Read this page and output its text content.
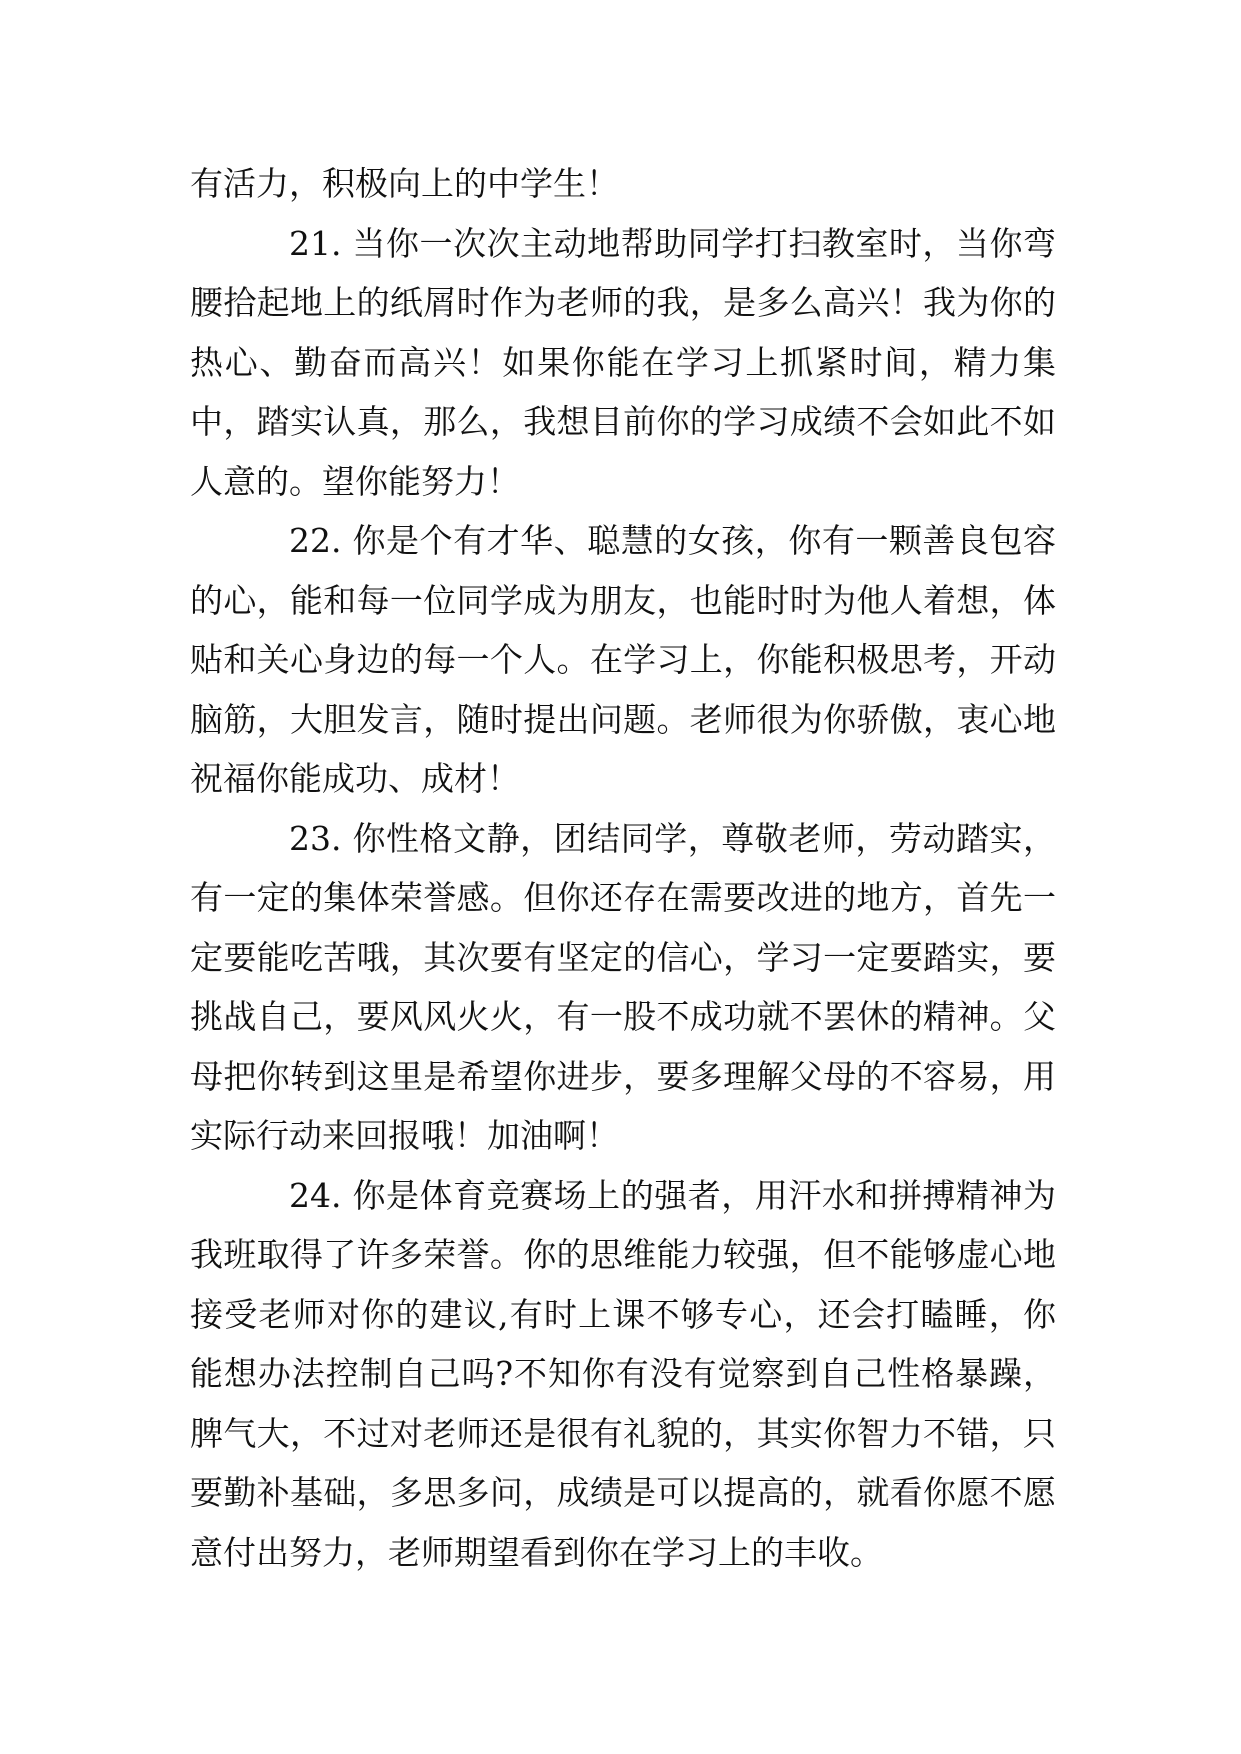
有活力，积极向上的中学生！

21. 当你一次次主动地帮助同学打扫教室时，当你弯腰拾起地上的纸屑时作为老师的我，是多么高兴！我为你的热心、勤奋而高兴！如果你能在学习上抓紧时间，精力集中，踏实认真，那么，我想目前你的学习成绩不会如此不如人意的。望你能努力！

22. 你是个有才华、聪慧的女孩，你有一颗善良包容的心，能和每一位同学成为朋友，也能时时为他人着想，体贴和关心身边的每一个人。在学习上，你能积极思考，开动脑筋，大胆发言，随时提出问题。老师很为你骄傲，衷心地祝福你能成功、成材！

23. 你性格文静，团结同学，尊敬老师，劳动踏实，有一定的集体荣誉感。但你还存在需要改进的地方，首先一定要能吃苦哦，其次要有坚定的信心，学习一定要踏实，要挑战自己，要风风火火，有一股不成功就不罢休的精神。父母把你转到这里是希望你进步，要多理解父母的不容易，用实际行动来回报哦！加油啊！

24. 你是体育竞赛场上的强者，用汗水和拼搏精神为我班取得了许多荣誉。你的思维能力较强，但不能够虚心地接受老师对你的建议,有时上课不够专心，还会打瞌睡，你能想办法控制自己吗?不知你有没有觉察到自己性格暴躁，脾气大，不过对老师还是很有礼貌的，其实你智力不错，只要勤补基础，多思多问，成绩是可以提高的，就看你愿不愿意付出努力，老师期望看到你在学习上的丰收。
